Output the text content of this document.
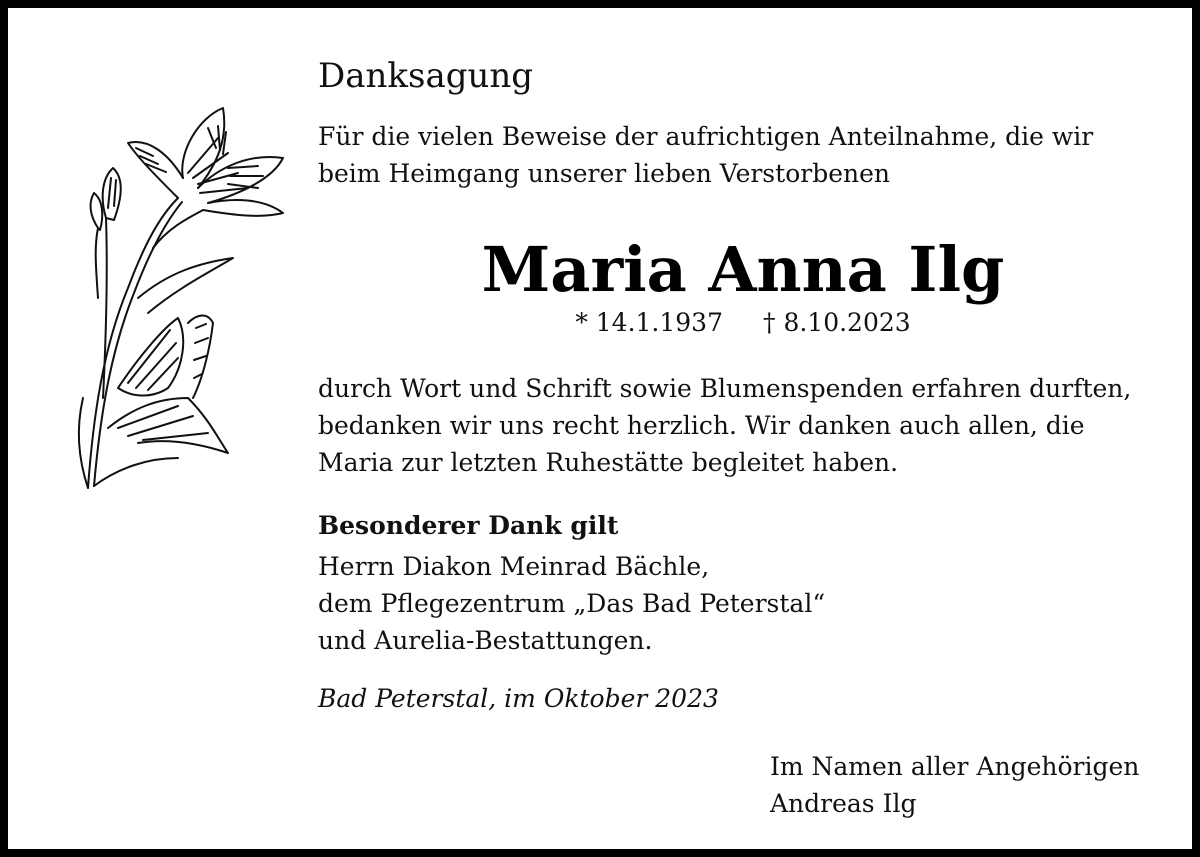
Danksagung

Für die vielen Beweise der aufrichtigen Anteilnahme, die wir

beim Heimgang unserer lieben Verstorbenen

Maria Anna Ilg
* 14.1.1937 † 8.10.2023

durch Wort und Schrift sowie Blumenspenden erfahren durften,

bedanken wir uns recht herzlich. Wir danken auch allen, die

Maria zur letzten Ruhestätte begleitet haben.

Besonderer Dank gilt
Herrn Diakon Meinrad Bächle,
dem Pflegezentrum „Das Bad Peterstal“
und Aurelia-Bestattungen.
Bad Peterstal, im Oktober 2023
Im Namen aller Angehörigen
Andreas Ilg
